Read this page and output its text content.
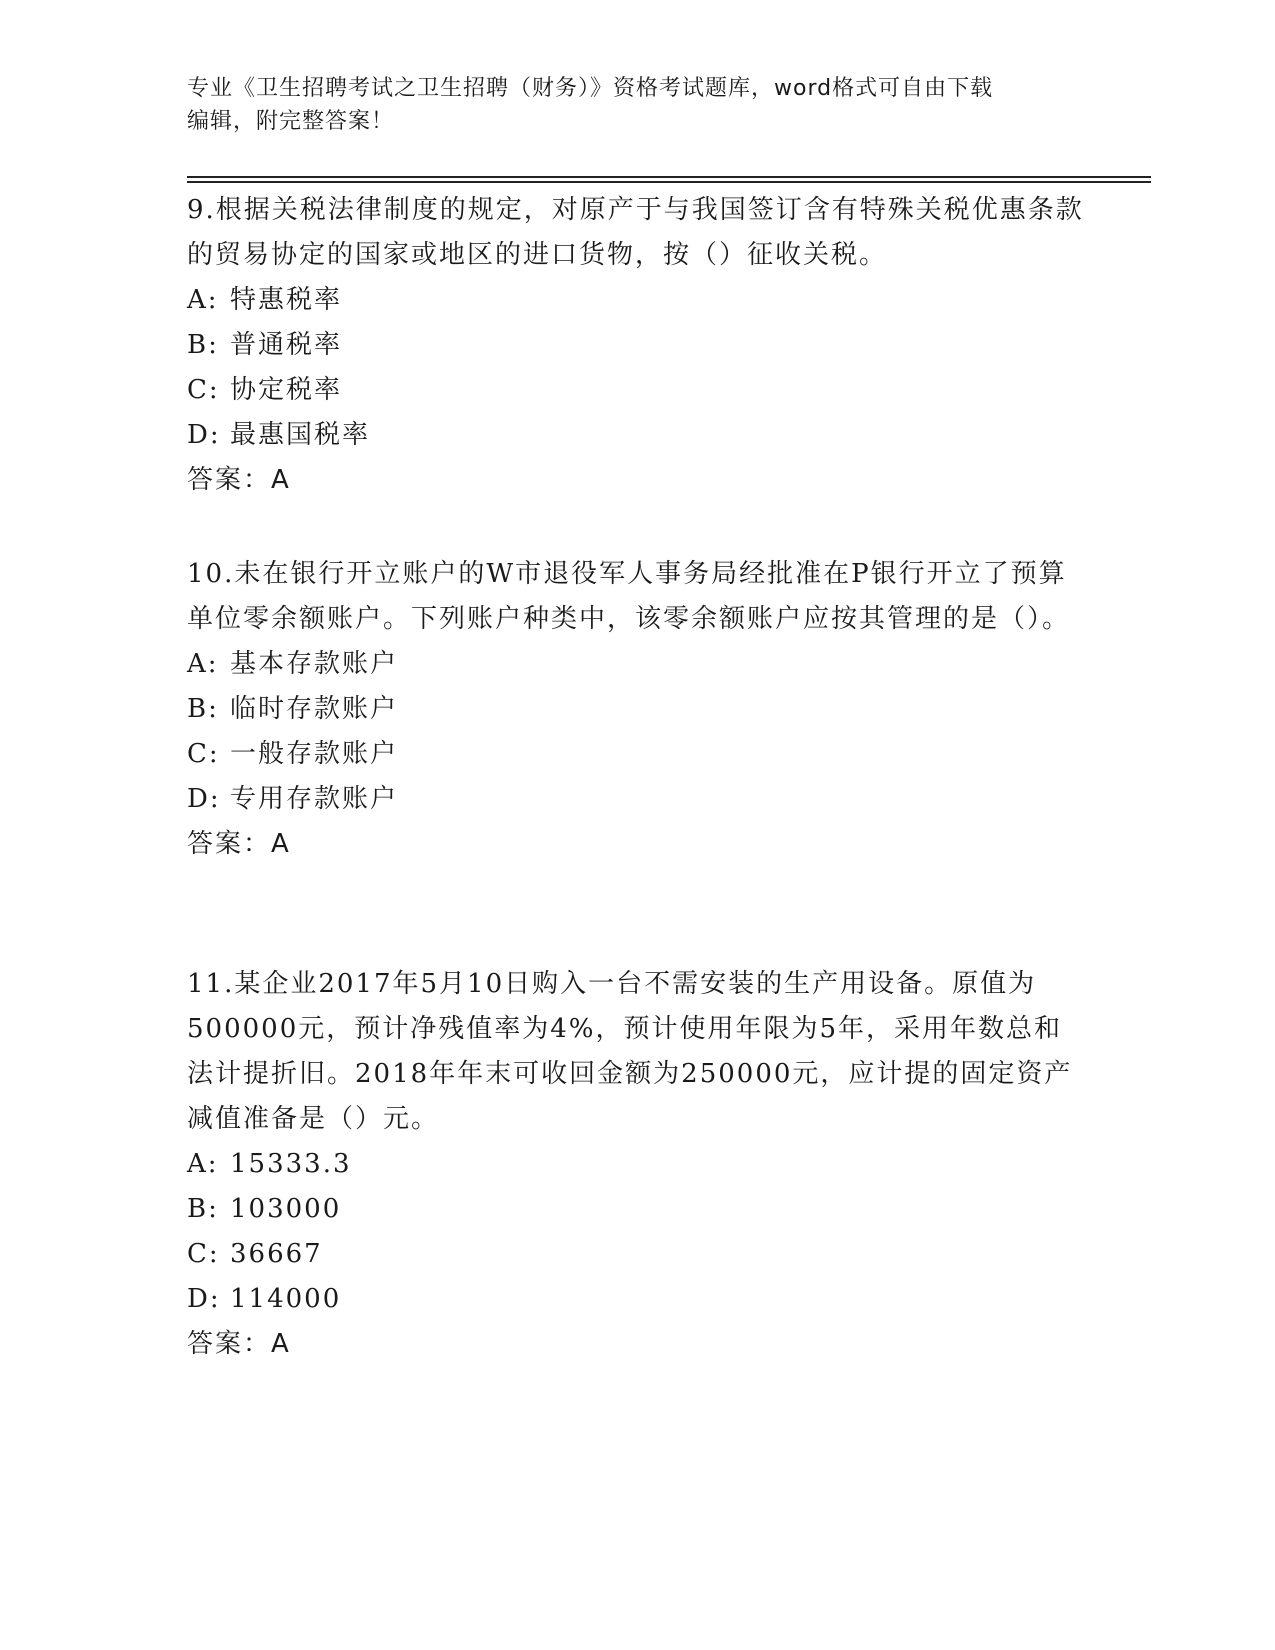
专业《卫生招聘考试之卫生招聘（财务）》资格考试题库，word格式可自由下载
编辑，附完整答案！
9.根据关税法律制度的规定，对原产于与我国签订含有特殊关税优惠条款的贸易协定的国家或地区的进口货物，按（）征收关税。
A: 特惠税率
B: 普通税率
C: 协定税率
D: 最惠国税率
答案：A
10.未在银行开立账户的W市退役军人事务局经批准在P银行开立了预算单位零余额账户。下列账户种类中，该零余额账户应按其管理的是（）。
A: 基本存款账户
B: 临时存款账户
C: 一般存款账户
D: 专用存款账户
答案：A
11.某企业2017年5月10日购入一台不需安装的生产用设备。原值为500000元，预计净残值率为4%，预计使用年限为5年，采用年数总和法计提折旧。2018年年末可收回金额为250000元，应计提的固定资产减值准备是（）元。
A: 15333.3
B: 103000
C: 36667
D: 114000
答案：A
